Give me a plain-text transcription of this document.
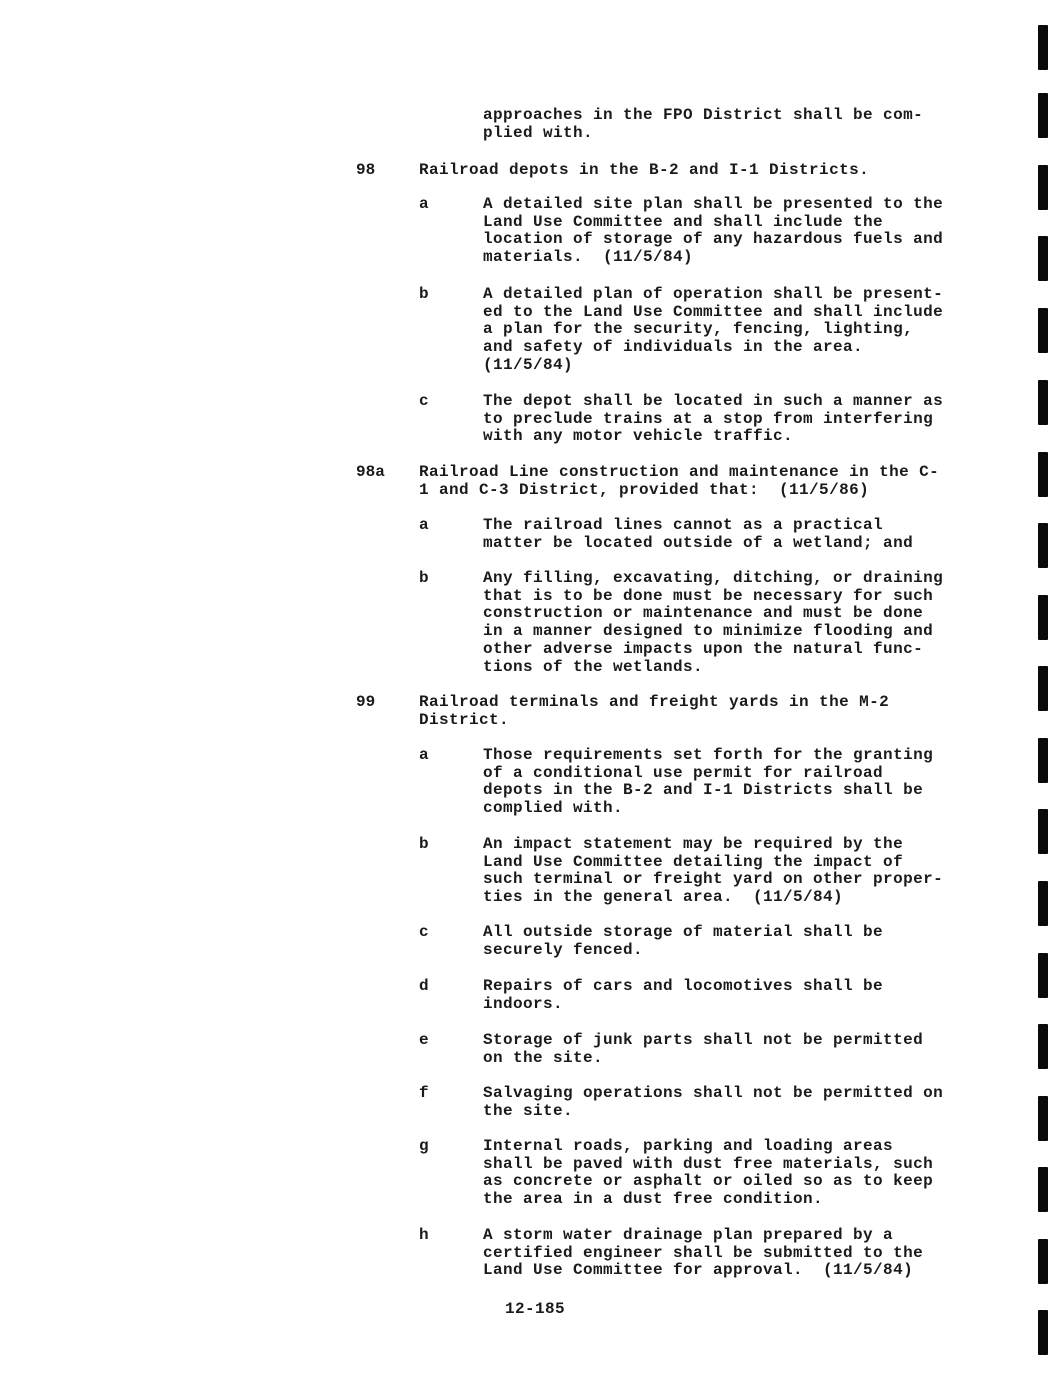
approaches in the FPO District shall be com-
plied with.
98	Railroad depots in the B-2 and I-1 Districts.
a	A detailed site plan shall be presented to the
Land Use Committee and shall include the
location of storage of any hazardous fuels and
materials.  (11/5/84)
b	A detailed plan of operation shall be present-
ed to the Land Use Committee and shall include
a plan for the security, fencing, lighting,
and safety of individuals in the area.
(11/5/84)
c	The depot shall be located in such a manner as
to preclude trains at a stop from interfering
with any motor vehicle traffic.
98a Railroad Line construction and maintenance in the C-
1 and C-3 District, provided that:  (11/5/86)
a	The railroad lines cannot as a practical
matter be located outside of a wetland; and
b	Any filling, excavating, ditching, or draining
that is to be done must be necessary for such
construction or maintenance and must be done
in a manner designed to minimize flooding and
other adverse impacts upon the natural func-
tions of the wetlands.
99	Railroad terminals and freight yards in the M-2
District.
a	Those requirements set forth for the granting
of a conditional use permit for railroad
depots in the B-2 and I-1 Districts shall be
complied with.
b	An impact statement may be required by the
Land Use Committee detailing the impact of
such terminal or freight yard on other proper-
ties in the general area.  (11/5/84)
c	All outside storage of material shall be
securely fenced.
d	Repairs of cars and locomotives shall be
indoors.
e	Storage of junk parts shall not be permitted
on the site.
f	Salvaging operations shall not be permitted on
the site.
g	Internal roads, parking and loading areas
shall be paved with dust free materials, such
as concrete or asphalt or oiled so as to keep
the area in a dust free condition.
h	A storm water drainage plan prepared by a
certified engineer shall be submitted to the
Land Use Committee for approval.  (11/5/84)
12-185
